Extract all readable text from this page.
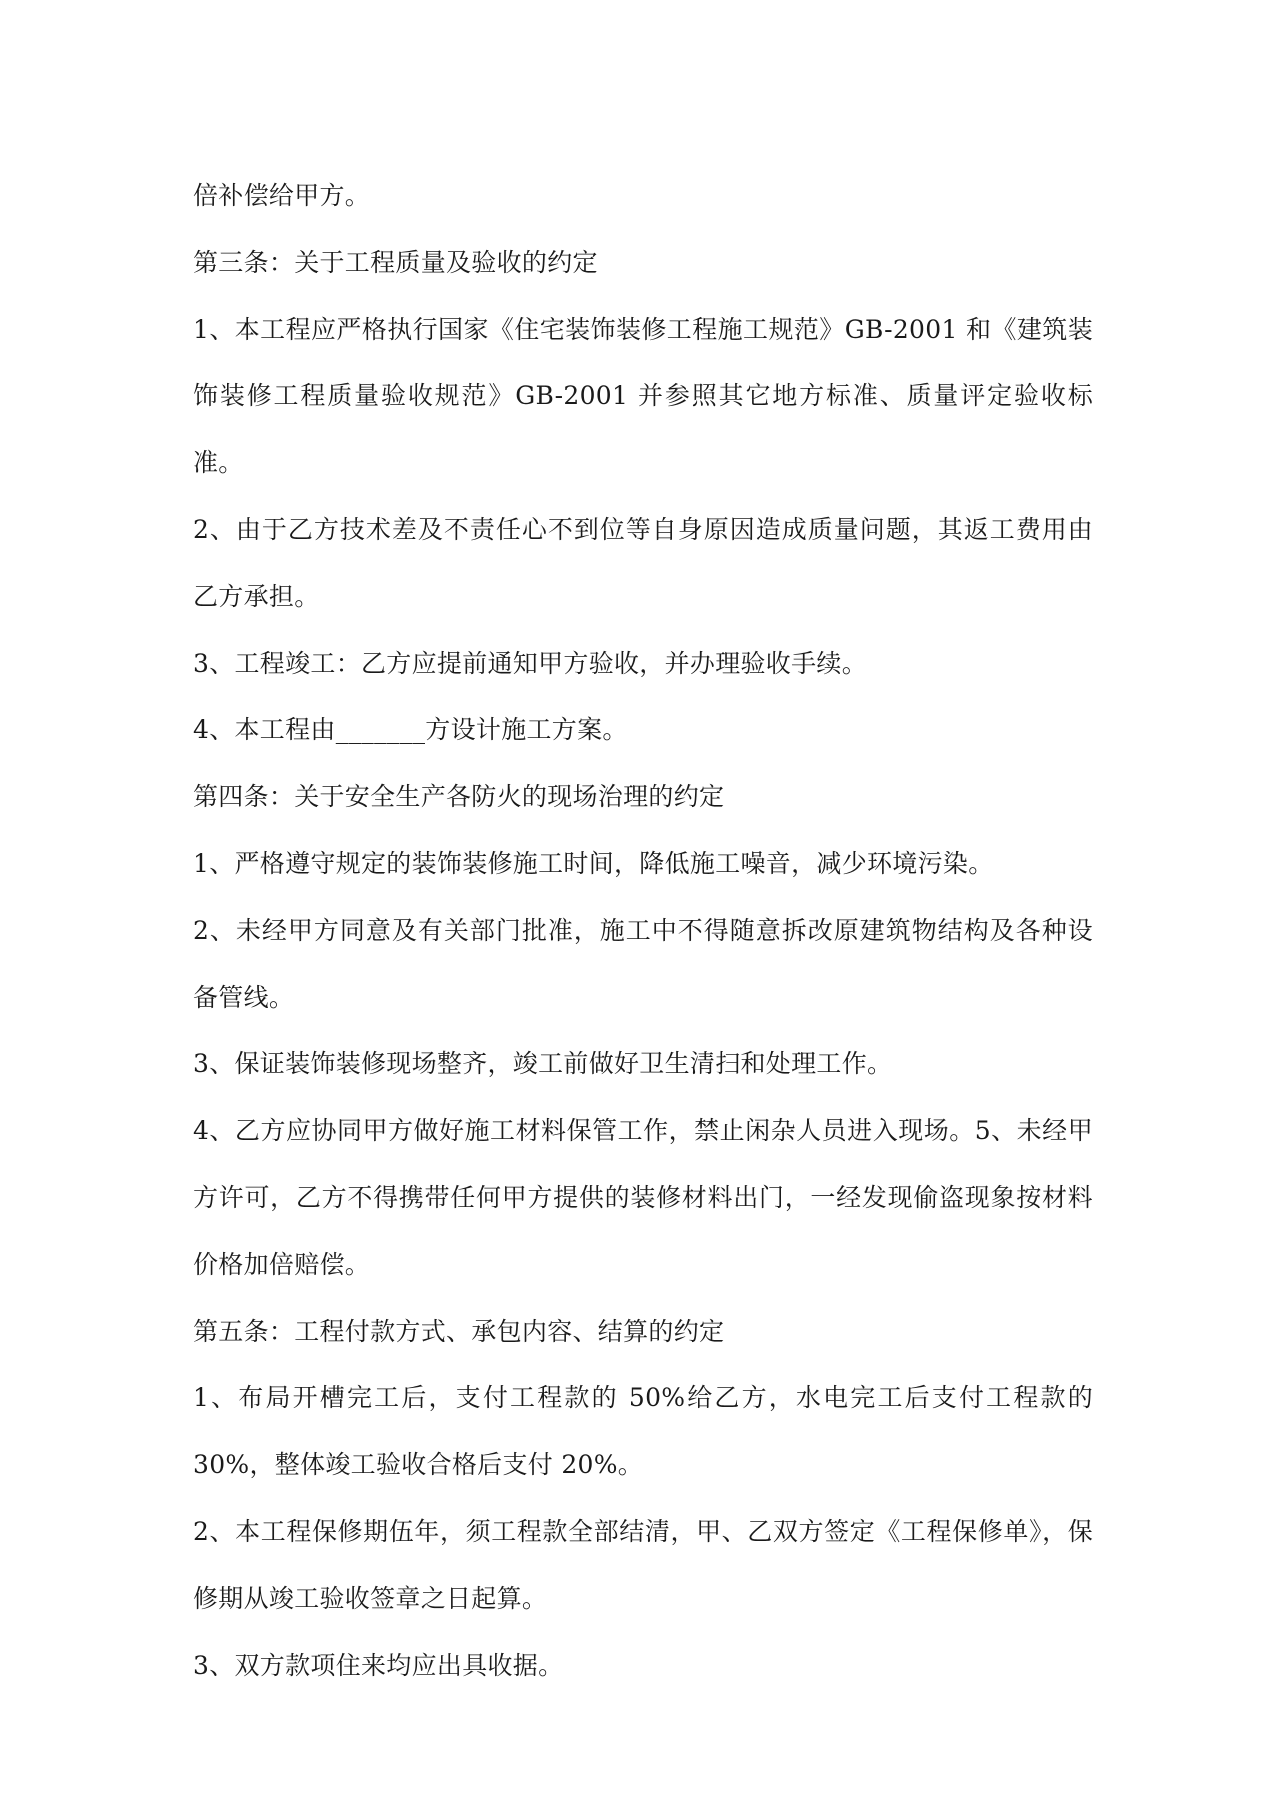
倍补偿给甲方。

第三条：关于工程质量及验收的约定

1、本工程应严格执行国家《住宅装饰装修工程施工规范》GB-2001 和《建筑装饰装修工程质量验收规范》GB-2001 并参照其它地方标准、质量评定验收标准。

2、由于乙方技术差及不责任心不到位等自身原因造成质量问题，其返工费用由乙方承担。

3、工程竣工：乙方应提前通知甲方验收，并办理验收手续。

4、本工程由_______方设计施工方案。

第四条：关于安全生产各防火的现场治理的约定

1、严格遵守规定的装饰装修施工时间，降低施工噪音，减少环境污染。

2、未经甲方同意及有关部门批准，施工中不得随意拆改原建筑物结构及各种设备管线。

3、保证装饰装修现场整齐，竣工前做好卫生清扫和处理工作。

4、乙方应协同甲方做好施工材料保管工作，禁止闲杂人员进入现场。5、未经甲方许可，乙方不得携带任何甲方提供的装修材料出门，一经发现偷盗现象按材料价格加倍赔偿。

第五条：工程付款方式、承包内容、结算的约定

1、布局开槽完工后，支付工程款的 50%给乙方，水电完工后支付工程款的 30%，整体竣工验收合格后支付 20%。

2、本工程保修期伍年，须工程款全部结清，甲、乙双方签定《工程保修单》，保修期从竣工验收签章之日起算。

3、双方款项住来均应出具收据。
